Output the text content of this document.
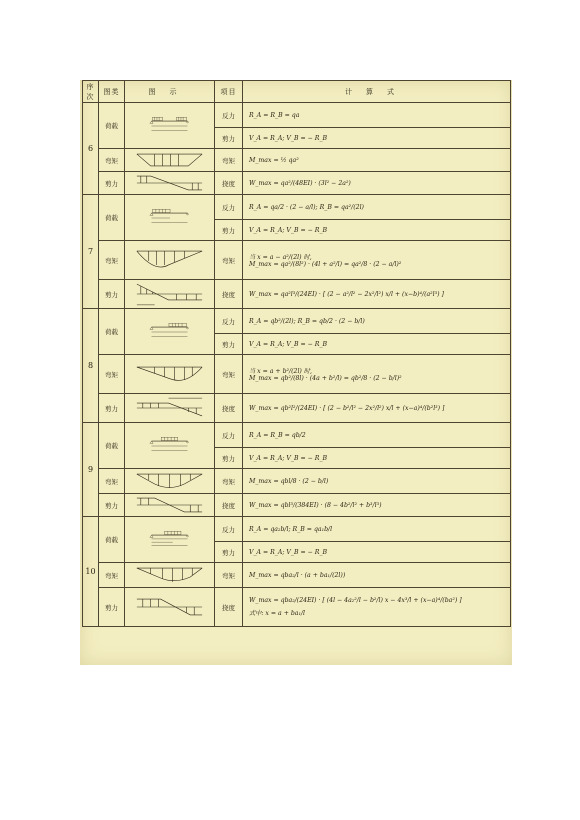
序次	图类	图示	项目	计算式
6	荷载		反力	R_A = R_B = qa
			剪力	V_A = R_A; V_B = − R_B
	弯矩		弯矩	M_max = ½ qa²
	剪力		挠度	W_max = qa²/(48EI) · (3l² − 2a²)
7	荷载		反力	R_A = qa/2 · (2 − a/l); R_B = qa²/(2l)
			剪力	V_A = R_A; V_B = − R_B
	弯矩		弯矩	当 x = a − a²/(2l) 时,
M_max = qa²/(8l²) · (4l + a²/l) = qa²/8 · (2 − a/l)²

	剪力		挠度	W_max = qa²l³/(24EI) · [ (2 − a²/l² − 2x²/l²) x/l + (x−b)⁴/(a²l³) ]
8	荷载		反力	R_A = qb²/(2l); R_B = qb/2 · (2 − b/l)
			剪力	V_A = R_A; V_B = − R_B
	弯矩		弯矩	当 x = a + b²/(2l) 时,
M_max = qb²/(8l) · (4a + b²/l) = qb²/8 · (2 − b/l)²

	剪力		挠度	W_max = qb²l²/(24EI) · [ (2 − b²/l² − 2x²/l²) x/l + (x−a)⁴/(b²l³) ]
9	荷载		反力	R_A = R_B = qb/2
			剪力	V_A = R_A; V_B = − R_B
	弯矩		弯矩	M_max = qbl/8 · (2 − b/l)
	剪力		挠度	W_max = qbl³/(384EI) · (8 − 4b²/l² + b³/l³)
10	荷载		反力	R_A = qa₂b/l; R_B = qa₁b/l
			剪力	V_A = R_A; V_B = − R_B
	弯矩		弯矩	M_max = qba₂/l · (a + ba₁/(2l))
	剪力		挠度	W_max = qba₂/(24EI) · [ (4l − 4a₂²/l − b²/l) x − 4x³/l + (x−a)⁴/(ba²) ]
式中: x = a + ba₁/l
